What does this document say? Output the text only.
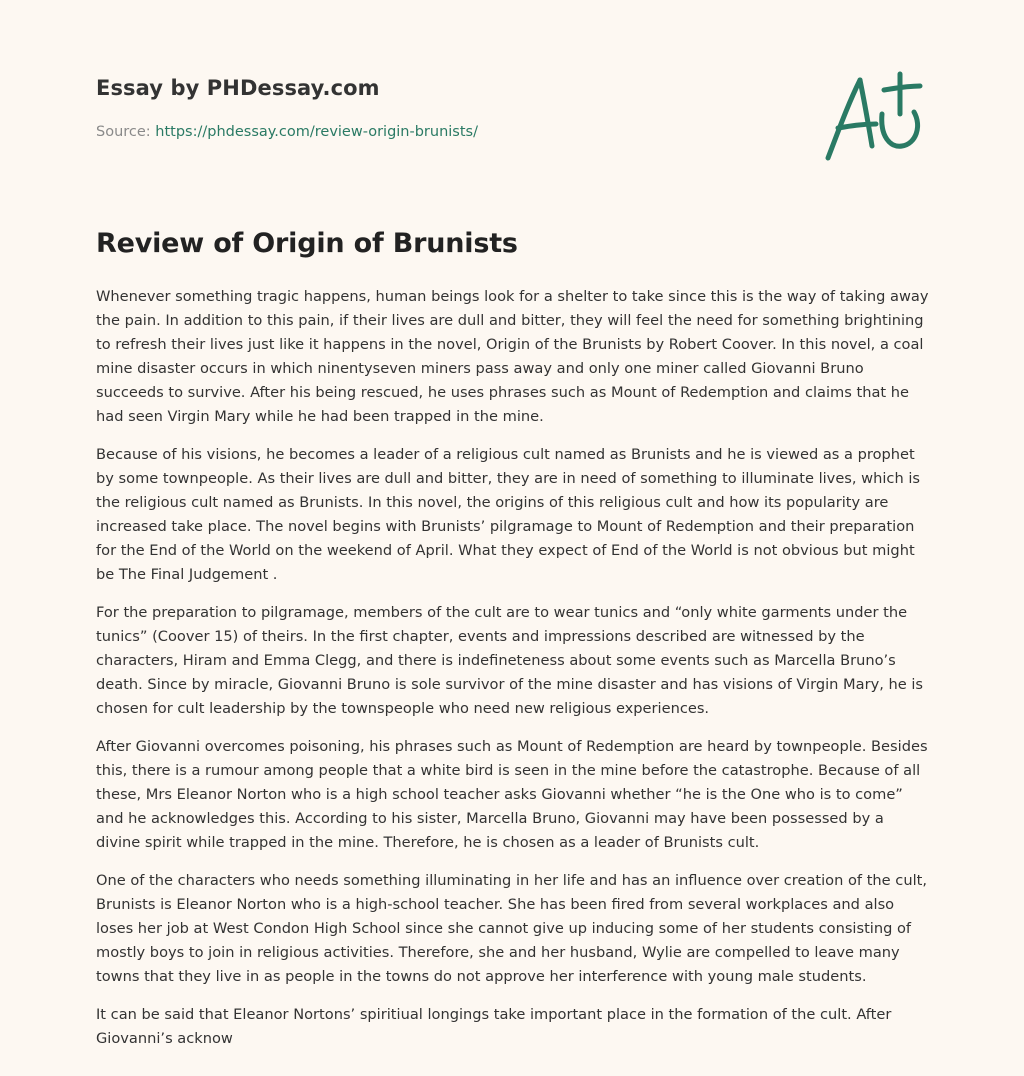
Essay by PHDessay.com
Source: https://phdessay.com/review-origin-brunists/
Review of Origin of Brunists

Whenever something tragic happens, human beings look for a shelter to take since this is the way of taking away the pain. In addition to this pain, if their lives are dull and bitter, they will feel the need for something brightining to refresh their lives just like it happens in the novel, Origin of the Brunists by Robert Coover. In this novel, a coal mine disaster occurs in which ninentyseven miners pass away and only one miner called Giovanni Bruno succeeds to survive. After his being rescued, he uses phrases such as Mount of Redemption and claims that he had seen Virgin Mary while he had been trapped in the mine.

Because of his visions, he becomes a leader of a religious cult named as Brunists and he is viewed as a prophet by some townpeople. As their lives are dull and bitter, they are in need of something to illuminate lives, which is the religious cult named as Brunists. In this novel, the origins of this religious cult and how its popularity are increased take place. The novel begins with Brunists’ pilgramage to Mount of Redemption and their preparation for the End of the World on the weekend of April. What they expect of End of the World is not obvious but might be The Final Judgement .

For the preparation to pilgramage, members of the cult are to wear tunics and “only white garments under the tunics” (Coover 15) of theirs. In the first chapter, events and impressions described are witnessed by the characters, Hiram and Emma Clegg, and there is indefineteness about some events such as Marcella Bruno’s death. Since by miracle, Giovanni Bruno is sole survivor of the mine disaster and has visions of Virgin Mary, he is chosen for cult leadership by the townspeople who need new religious experiences.

After Giovanni overcomes poisoning, his phrases such as Mount of Redemption are heard by townpeople. Besides this, there is a rumour among people that a white bird is seen in the mine before the catastrophe. Because of all these, Mrs Eleanor Norton who is a high school teacher asks Giovanni whether “he is the One who is to come” and he acknowledges this. According to his sister, Marcella Bruno, Giovanni may have been possessed by a divine spirit while trapped in the mine. Therefore, he is chosen as a leader of Brunists cult.

One of the characters who needs something illuminating in her life and has an influence over creation of the cult, Brunists is Eleanor Norton who is a high-school teacher. She has been fired from several workplaces and also loses her job at West Condon High School since she cannot give up inducing some of her students consisting of mostly boys to join in religious activities. Therefore, she and her husband, Wylie are compelled to leave many towns that they live in as people in the towns do not approve her interference with young male students.

It can be said that Eleanor Nortons’ spiritiual longings take important place in the formation of the cult. After Giovanni’s acknow
